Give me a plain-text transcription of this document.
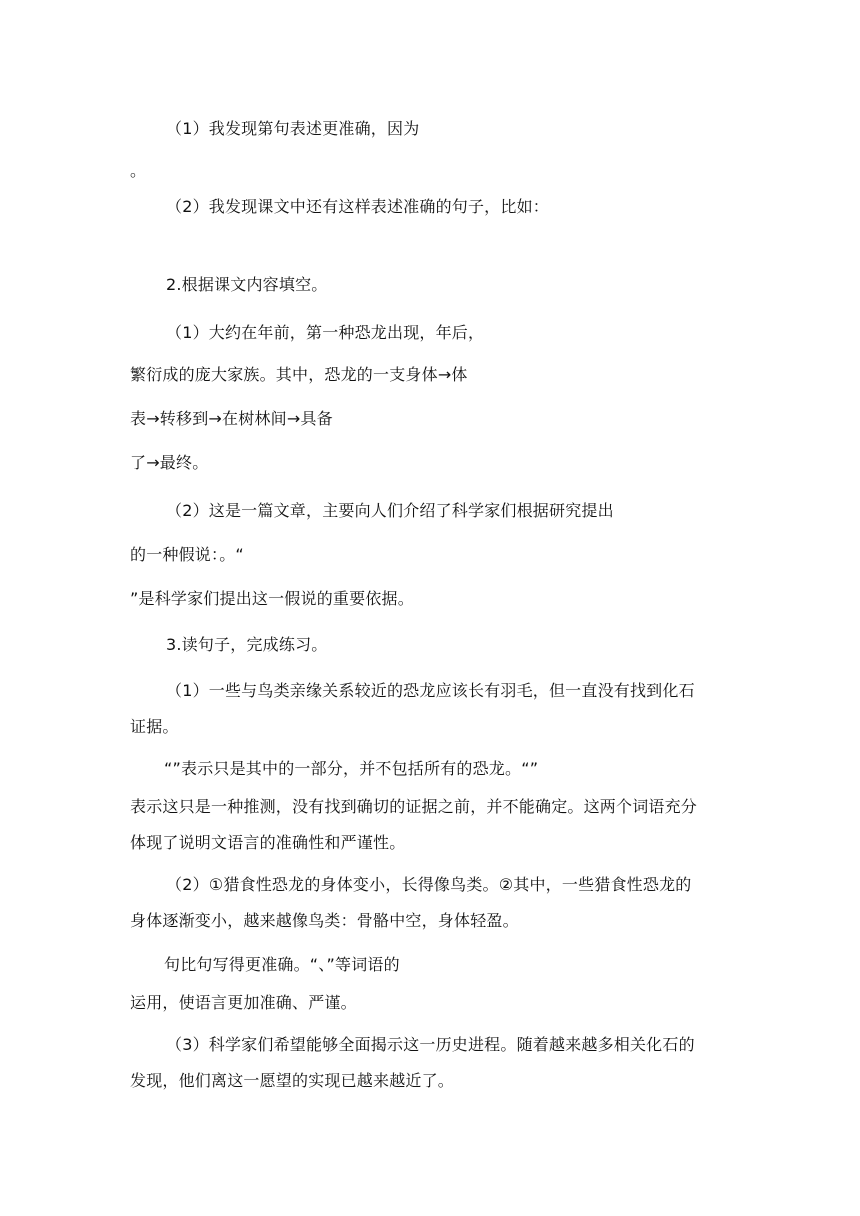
（1）我发现第句表述更准确，因为
。
（2）我发现课文中还有这样表述准确的句子，比如：
2.根据课文内容填空。
（1）大约在年前，第一种恐龙出现，年后，
繁衍成的庞大家族。其中，恐龙的一支身体→体
表→转移到→在树林间→具备
了→最终。
（2）这是一篇文章，主要向人们介绍了科学家们根据研究提出
的一种假说：。“
”是科学家们提出这一假说的重要依据。
3.读句子，完成练习。
（1）一些与鸟类亲缘关系较近的恐龙应该长有羽毛，但一直没有找到化石
证据。
“”表示只是其中的一部分，并不包括所有的恐龙。“”
表示这只是一种推测，没有找到确切的证据之前，并不能确定。这两个词语充分
体现了说明文语言的准确性和严谨性。
（2）①猎食性恐龙的身体变小，长得像鸟类。②其中，一些猎食性恐龙的
身体逐渐变小，越来越像鸟类：骨骼中空，身体轻盈。
句比句写得更准确。“、”等词语的
运用，使语言更加准确、严谨。
（3）科学家们希望能够全面揭示这一历史进程。随着越来越多相关化石的
发现，他们离这一愿望的实现已越来越近了。
